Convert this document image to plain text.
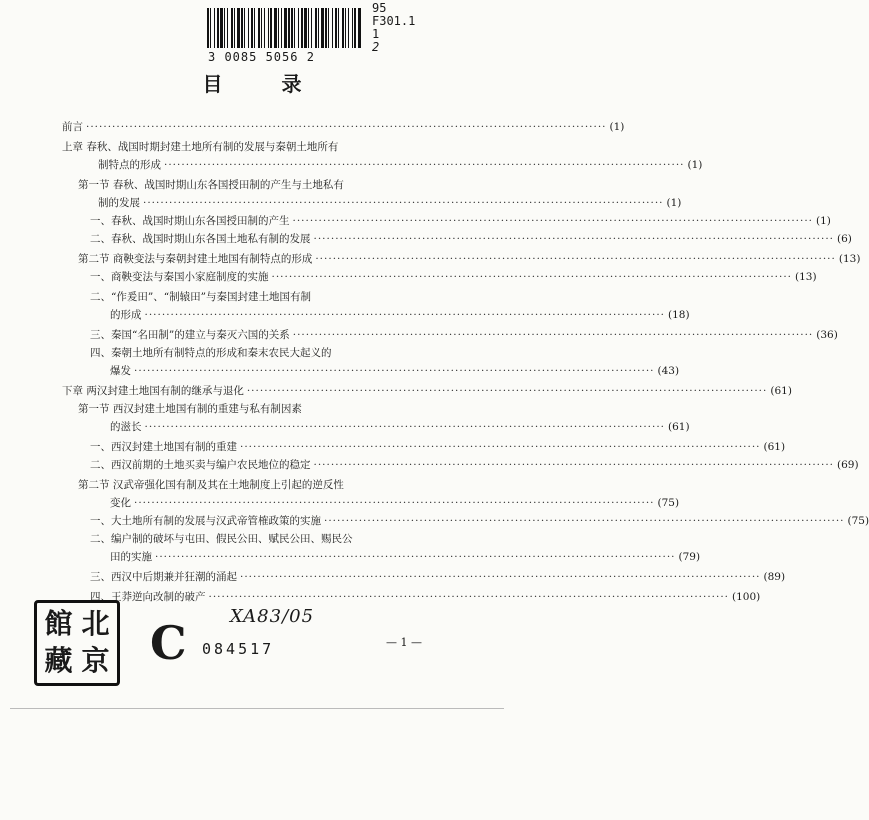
3 0085 5056 2
95
F301.1
1
2
目 录
前言 ························································································································ (1)
上章 春秋、战国时期封建土地所有制的发展与秦朝土地所有
制特点的形成 ························································································································ (1)
第一节 春秋、战国时期山东各国授田制的产生与土地私有
制的发展 ························································································································ (1)
一、春秋、战国时期山东各国授田制的产生 ························································································································ (1)
二、春秋、战国时期山东各国土地私有制的发展 ························································································································ (6)
第二节 商鞅变法与秦朝封建土地国有制特点的形成 ························································································································ (13)
一、商鞅变法与秦国小家庭制度的实施 ························································································································ (13)
二、“作爰田”、“制辕田”与秦国封建土地国有制
的形成 ························································································································ (18)
三、秦国“名田制”的建立与秦灭六国的关系 ························································································································ (36)
四、秦朝土地所有制特点的形成和秦末农民大起义的
爆发 ························································································································ (43)
下章 两汉封建土地国有制的继承与退化 ························································································································ (61)
第一节 西汉封建土地国有制的重建与私有制因素
的滋长 ························································································································ (61)
一、西汉封建土地国有制的重建 ························································································································ (61)
二、西汉前期的土地买卖与编户农民地位的稳定 ························································································································ (69)
第二节 汉武帝强化国有制及其在土地制度上引起的逆反性
变化 ························································································································ (75)
一、大土地所有制的发展与汉武帝管榷政策的实施 ························································································································ (75)
二、编户制的破坏与屯田、假民公田、赋民公田、赐民公
田的实施 ························································································································ (79)
三、西汉中后期兼并狂潮的涌起 ························································································································ (89)
四、王莽逆向改制的破产 ························································································································ (100)
館 北
藏 京 C XA83/05
084517	— 1 —
